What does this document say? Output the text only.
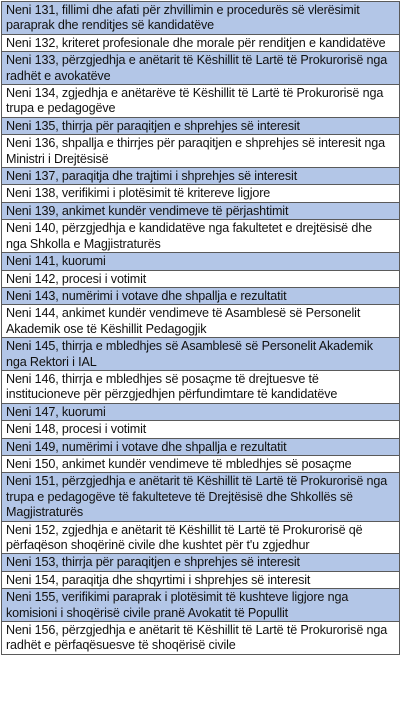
Neni 131, fillimi dhe afati për zhvillimin e procedurës së vlerësimit paraprak dhe renditjes së kandidatëve
Neni 132, kriteret profesionale dhe morale për renditjen e kandidatëve
Neni 133, përzgjedhja e anëtarit të Këshillit të Lartë të Prokurorisë nga radhët e avokatëve
Neni 134, zgjedhja e anëtarëve të Këshillit të Lartë të Prokurorisë nga trupa e pedagogëve
Neni 135, thirrja për paraqitjen e shprehjes së interesit
Neni 136, shpallja e thirrjes për paraqitjen e shprehjes së interesit nga Ministri i Drejtësisë
Neni 137, paraqitja dhe trajtimi i shprehjes së interesit
Neni 138, verifikimi i plotësimit të kritereve ligjore
Neni 139, ankimet kundër vendimeve të përjashtimit
Neni 140, përzgjedhja e kandidatëve nga fakultetet e drejtësisë dhe nga Shkolla e Magjistraturës
Neni 141, kuorumi
Neni 142, procesi i votimit
Neni 143, numërimi i votave dhe shpallja e rezultatit
Neni 144, ankimet kundër vendimeve të Asamblesë së Personelit Akademik ose të Këshillit Pedagogjik
Neni 145, thirrja e mbledhjes së Asamblesë së Personelit Akademik nga Rektori i IAL
Neni 146, thirrja e mbledhjes së posaçme të drejtuesve të institucioneve për përzgjedhjen përfundimtare të kandidatëve
Neni 147, kuorumi
Neni 148, procesi i votimit
Neni 149, numërimi i votave dhe shpallja e rezultatit
Neni 150, ankimet kundër vendimeve të mbledhjes së posaçme
Neni 151, përzgjedhja e anëtarit të Këshillit të Lartë të Prokurorisë nga trupa e pedagogëve të fakulteteve të Drejtësisë dhe Shkollës së Magjistraturës
Neni 152, zgjedhja e anëtarit të Këshillit të Lartë të Prokurorisë që përfaqëson shoqërinë civile dhe kushtet për t'u zgjedhur
Neni 153, thirrja për paraqitjen e shprehjes së interesit
Neni 154, paraqitja dhe shqyrtimi i shprehjes së interesit
Neni 155, verifikimi paraprak i plotësimit të kushteve ligjore nga komisioni i shoqërisë civile pranë Avokatit të Popullit
Neni 156, përzgjedhja e anëtarit të Këshillit të Lartë të Prokurorisë nga radhët e përfaqësuesve të shoqërisë civile
